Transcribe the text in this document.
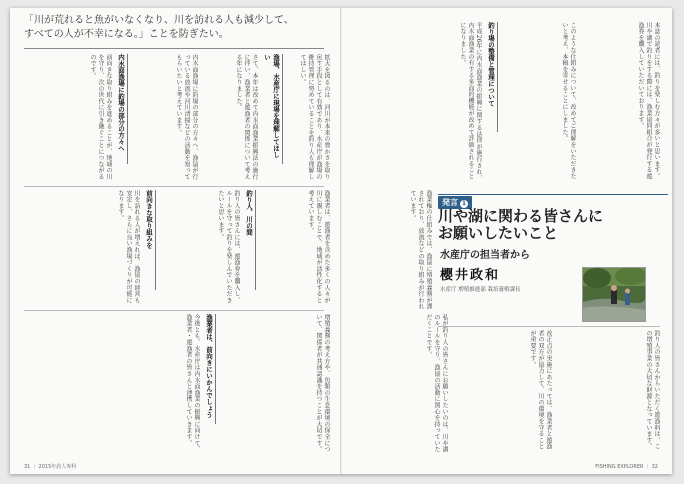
「川が荒れると魚がいなくなり、川を訪れる人も減少して、
すべての人が不幸になる。」ことを防ぎたい。
拡大を図るのは、河川が本来の豊かさを取り戻す手段として有効であり、水産庁が漁場の維持管理に努めていることを釣り人も理解してほしい。
漁場、水産庁に現場を理解してほしい
さて、本年は改めて内水面漁業振興法の施行に伴い、漁業者と遊漁者の関係について考える年になりました。
内水面漁場に釣場の部分の方々へ、漁協が行っている放流や河川清掃などの活動を知ってもらいたいと考えています。
内水面漁場に釣場の部分の方々へ
前向きな取り組みを進めることが、地域の川を守り、次の世代に引き継ぐことにつながるのです。
漁業者は、遊漁者を含めた多くの人々が川に親しむことで、地域が活性化すると考えています。
釣り人、川の間
釣り人の皆さんには、遊漁券を購入し、ルールを守って釣りを楽しんでいただきたいと思います。
前向きな取り組みを
川を訪れる人が増えれば、漁協の経営も安定し、さらに良い漁場づくりが可能になります。
増殖義務の考え方や、魚類の生息環境の保全について、関係者が共通認識を持つことが大切です。
漁業者は、前向きにいかんでしょう
今後とも、水産庁は内水面漁業の振興に向けて、漁業者・遊漁者の皆さんと連携していきます。
31 ｜ 2015年釣人専科
本誌の読者には、釣りを楽しむ方々が多いと思います。川や湖で釣りをする際には、漁業協同組合が発行する遊漁券を購入していただいております。
このような仕組みについて、改めてご理解をいただきたいと考え、本稿を寄せることにしました。
釣り場の整備と管理について
平成26年に内水面漁業の振興に関する法律が施行され、内水面漁業の有する多面的機能が改めて評価されることになりました。
漁業権の仕組みでは、漁協に増殖義務が課されており、放流などの取り組みが行われています。	発言 1
川や湖に関わる皆さんに
お願いしたいこと
水産庁の担当者から
櫻井政和
水産庁 増殖推進部 栽培養殖課長
釣り人の皆さんからいただく遊漁料は、この増殖事業の大切な財源となっています。
改正点の実施にあたっては、漁業者と遊漁者の双方が協力して、川の環境を守ることが重要です。
私が釣り人の皆さんにお願いしたいのは、川や湖のルールを守り、漁協の活動に関心を持っていただくことです。
FISHING EXPLORER ｜ 32
